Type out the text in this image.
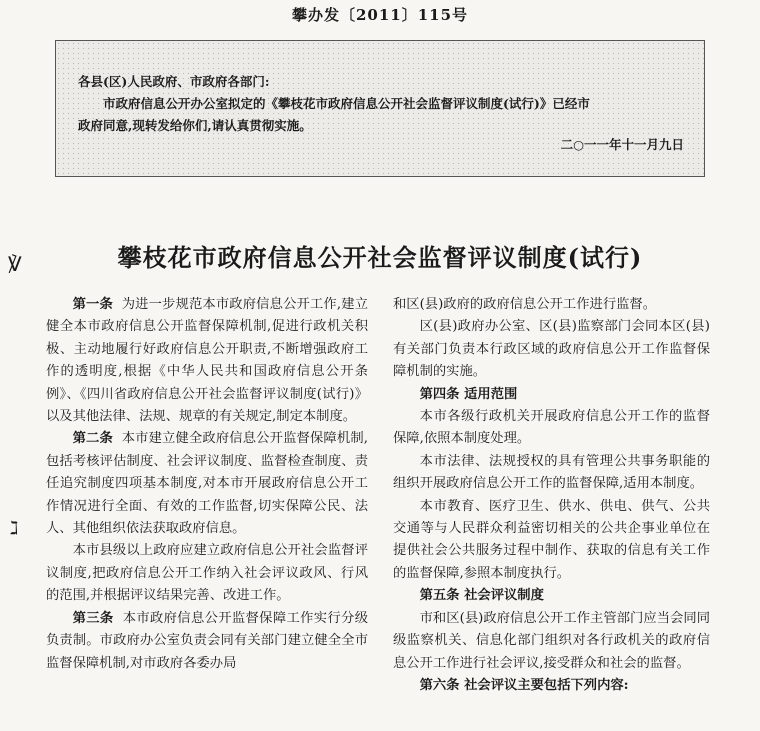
攀办发〔2011〕115号

各县(区)人民政府、市政府各部门:

市政府信息公开办公室拟定的《攀枝花市政府信息公开社会监督评议制度(试行)》已经市

政府同意,现转发给你们,请认真贯彻实施。

二○一一年十一月九日
℣
ℷ
攀枝花市政府信息公开社会监督评议制度(试行)

第一条 为进一步规范本市政府信息公开工作,建立健全本市政府信息公开监督保障机制,促进行政机关积极、主动地履行好政府信息公开职责,不断增强政府工作的透明度,根据《中华人民共和国政府信息公开条例》、《四川省政府信息公开社会监督评议制度(试行)》以及其他法律、法规、规章的有关规定,制定本制度。

第二条 本市建立健全政府信息公开监督保障机制,包括考核评估制度、社会评议制度、监督检查制度、责任追究制度四项基本制度,对本市开展政府信息公开工作情况进行全面、有效的工作监督,切实保障公民、法人、其他组织依法获取政府信息。

本市县级以上政府应建立政府信息公开社会监督评议制度,把政府信息公开工作纳入社会评议政风、行风的范围,并根据评议结果完善、改进工作。

第三条 本市政府信息公开监督保障工作实行分级负责制。市政府办公室负责会同有关部门建立健全全市监督保障机制,对市政府各委办局

和区(县)政府的政府信息公开工作进行监督。

区(县)政府办公室、区(县)监察部门会同本区(县)有关部门负责本行政区域的政府信息公开工作监督保障机制的实施。

第四条 适用范围

本市各级行政机关开展政府信息公开工作的监督保障,依照本制度处理。

本市法律、法规授权的具有管理公共事务职能的组织开展政府信息公开工作的监督保障,适用本制度。

本市教育、医疗卫生、供水、供电、供气、公共交通等与人民群众利益密切相关的公共企事业单位在提供社会公共服务过程中制作、获取的信息有关工作的监督保障,参照本制度执行。

第五条 社会评议制度

市和区(县)政府信息公开工作主管部门应当会同同级监察机关、信息化部门组织对各行政机关的政府信息公开工作进行社会评议,接受群众和社会的监督。

第六条 社会评议主要包括下列内容:
